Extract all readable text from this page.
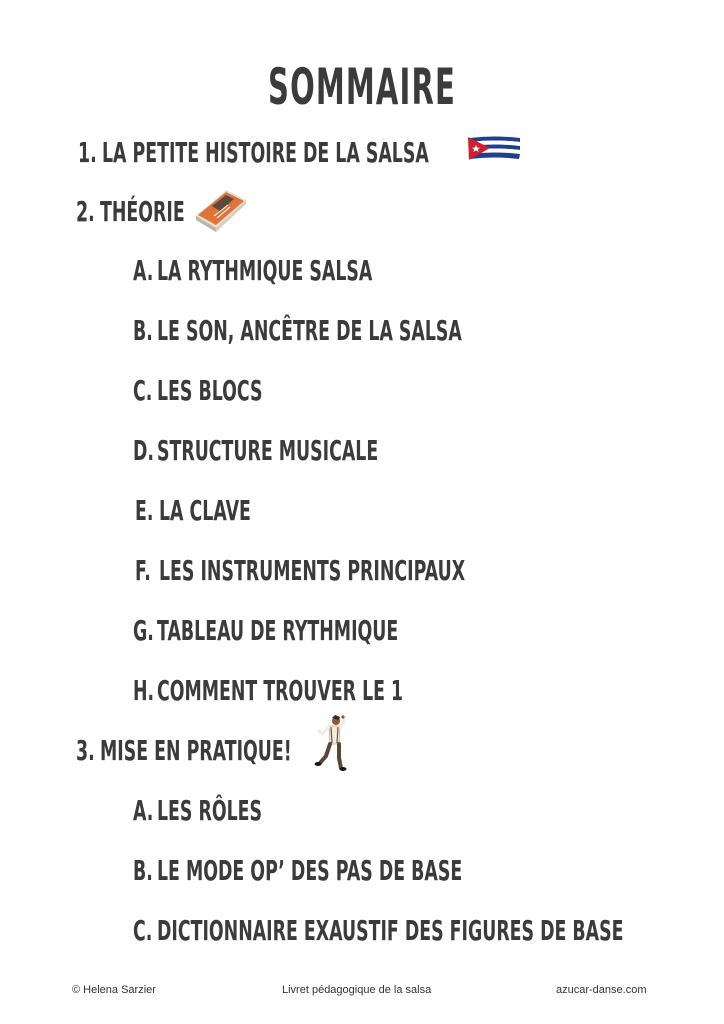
SOMMAIRE
1. LA PETITE HISTOIRE DE LA SALSA
2. THÉORIE
A. LA RYTHMIQUE SALSA
B. LE SON, ANCÊTRE DE LA SALSA
C. LES BLOCS
D. STRUCTURE MUSICALE
E. LA CLAVE
F. LES INSTRUMENTS PRINCIPAUX
G. TABLEAU DE RYTHMIQUE
H. COMMENT TROUVER LE 1
3. MISE EN PRATIQUE!
A. LES RÔLES
B. LE MODE OP’ DES PAS DE BASE
C. DICTIONNAIRE EXAUSTIF DES FIGURES DE BASE
© Helena Sarzier	Livret pédagogique de la salsa	azucar-danse.com
